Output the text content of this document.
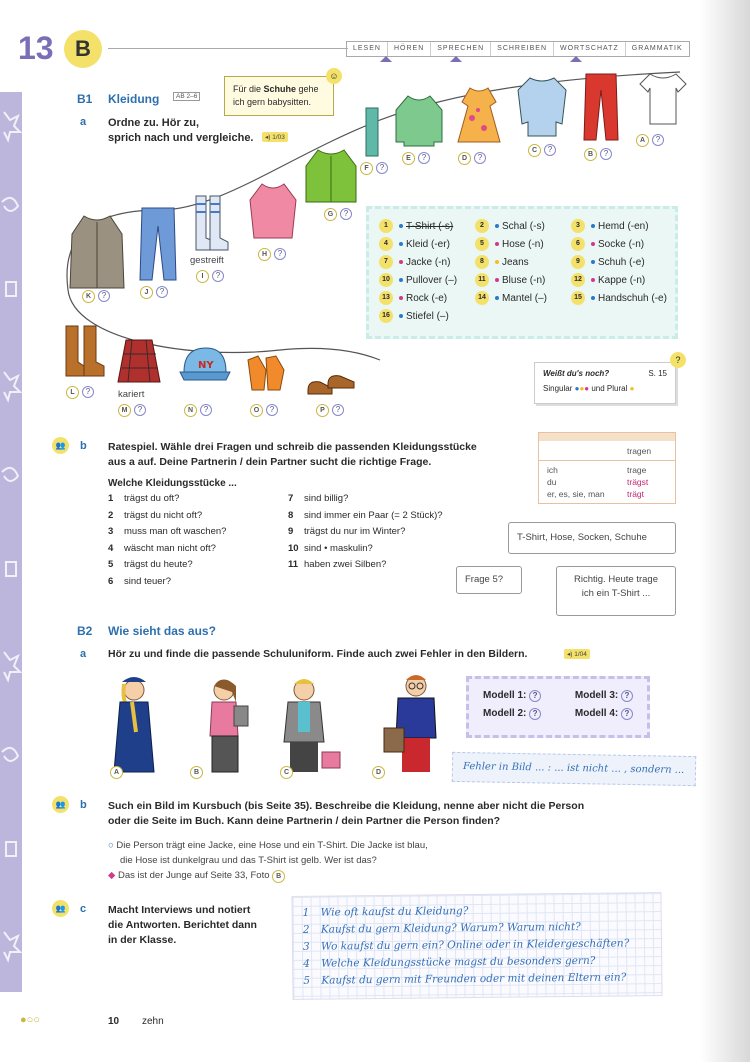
13 B	LESEN	HÖREN	SPRECHEN	SCHREIBEN	WORTSCHATZ	GRAMMATIK
B1 Kleidung	AB 2–6
a Ordne zu. Hör zu,
sprich nach und vergleiche.	◂) 1/03
Für die Schuhe gehe ich gern babysitten.
☺
NY
A	?
B	?
C	?
D	?
E	?
F	?
G	?
H	?
gestreift
I	?
J	?
K	?
L	?	kariert
M	?	N	?	O	?	P	?
1	T-Shirt (-s)	2	Schal (-s)	3	Hemd (-en)
4	Kleid (-er)	5	Hose (-n)	6	Socke (-n)
7	Jacke (-n)	8	Jeans	9	Schuh (-e)
10	Pullover (–)	11	Bluse (-n)	12	Kappe (-n)
13	Rock (-e)	14	Mantel (–)	15	Handschuh (-e)
16	Stiefel (–)
Weißt du's noch?	S. 15
Singular ●●● und Plural ●
?
👥	b Ratespiel. Wähle drei Fragen und schreib die passenden Kleidungsstücke
aus a auf. Deine Partnerin / dein Partner sucht die richtige Frage.
Welche Kleidungsstücke ...
1	trägst du oft?
2	trägst du nicht oft?
3	muss man oft waschen?
4	wäscht man nicht oft?
5	trägst du heute?
6	sind teuer?
7	sind billig?
8	sind immer ein Paar (= 2 Stück)?
9	trägst du nur im Winter?
10 sind • maskulin?
11 haben zwei Silben?
tragen
ich	trage
du	trägst
er, es, sie, man	trägt
T-Shirt, Hose, Socken, Schuhe
Frage 5?	Richtig. Heute trage
ich ein T-Shirt ...
B2 Wie sieht das aus?
a Hör zu und finde die passende Schuluniform. Finde auch zwei Fehler in den Bildern.	◂) 1/04
A	B	C	D
Modell 1: ?	Modell 3: ?
Modell 2: ?	Modell 4: ?
Fehler in Bild ... : ... ist nicht ... , sondern ...
👥	b Such ein Bild im Kursbuch (bis Seite 35). Beschreibe die Kleidung, nenne aber nicht die Person
oder die Seite im Buch. Kann deine Partnerin / dein Partner die Person finden?
○ Die Person trägt eine Jacke, eine Hose und ein T-Shirt. Die Jacke ist blau,
die Hose ist dunkelgrau und das T-Shirt ist gelb. Wer ist das?
◆ Das ist der Junge auf Seite 33, Foto B
👥	c Macht Interviews und notiert
die Antworten. Berichtet dann
in der Klasse.
1 Wie oft kaufst du Kleidung?
2 Kaufst du gern Kleidung? Warum? Warum nicht?
3 Wo kaufst du gern ein? Online oder in Kleidergeschäften?
4 Welche Kleidungsstücke magst du besonders gern?
5 Kaufst du gern mit Freunden oder mit deinen Eltern ein?
●○○	10 zehn
